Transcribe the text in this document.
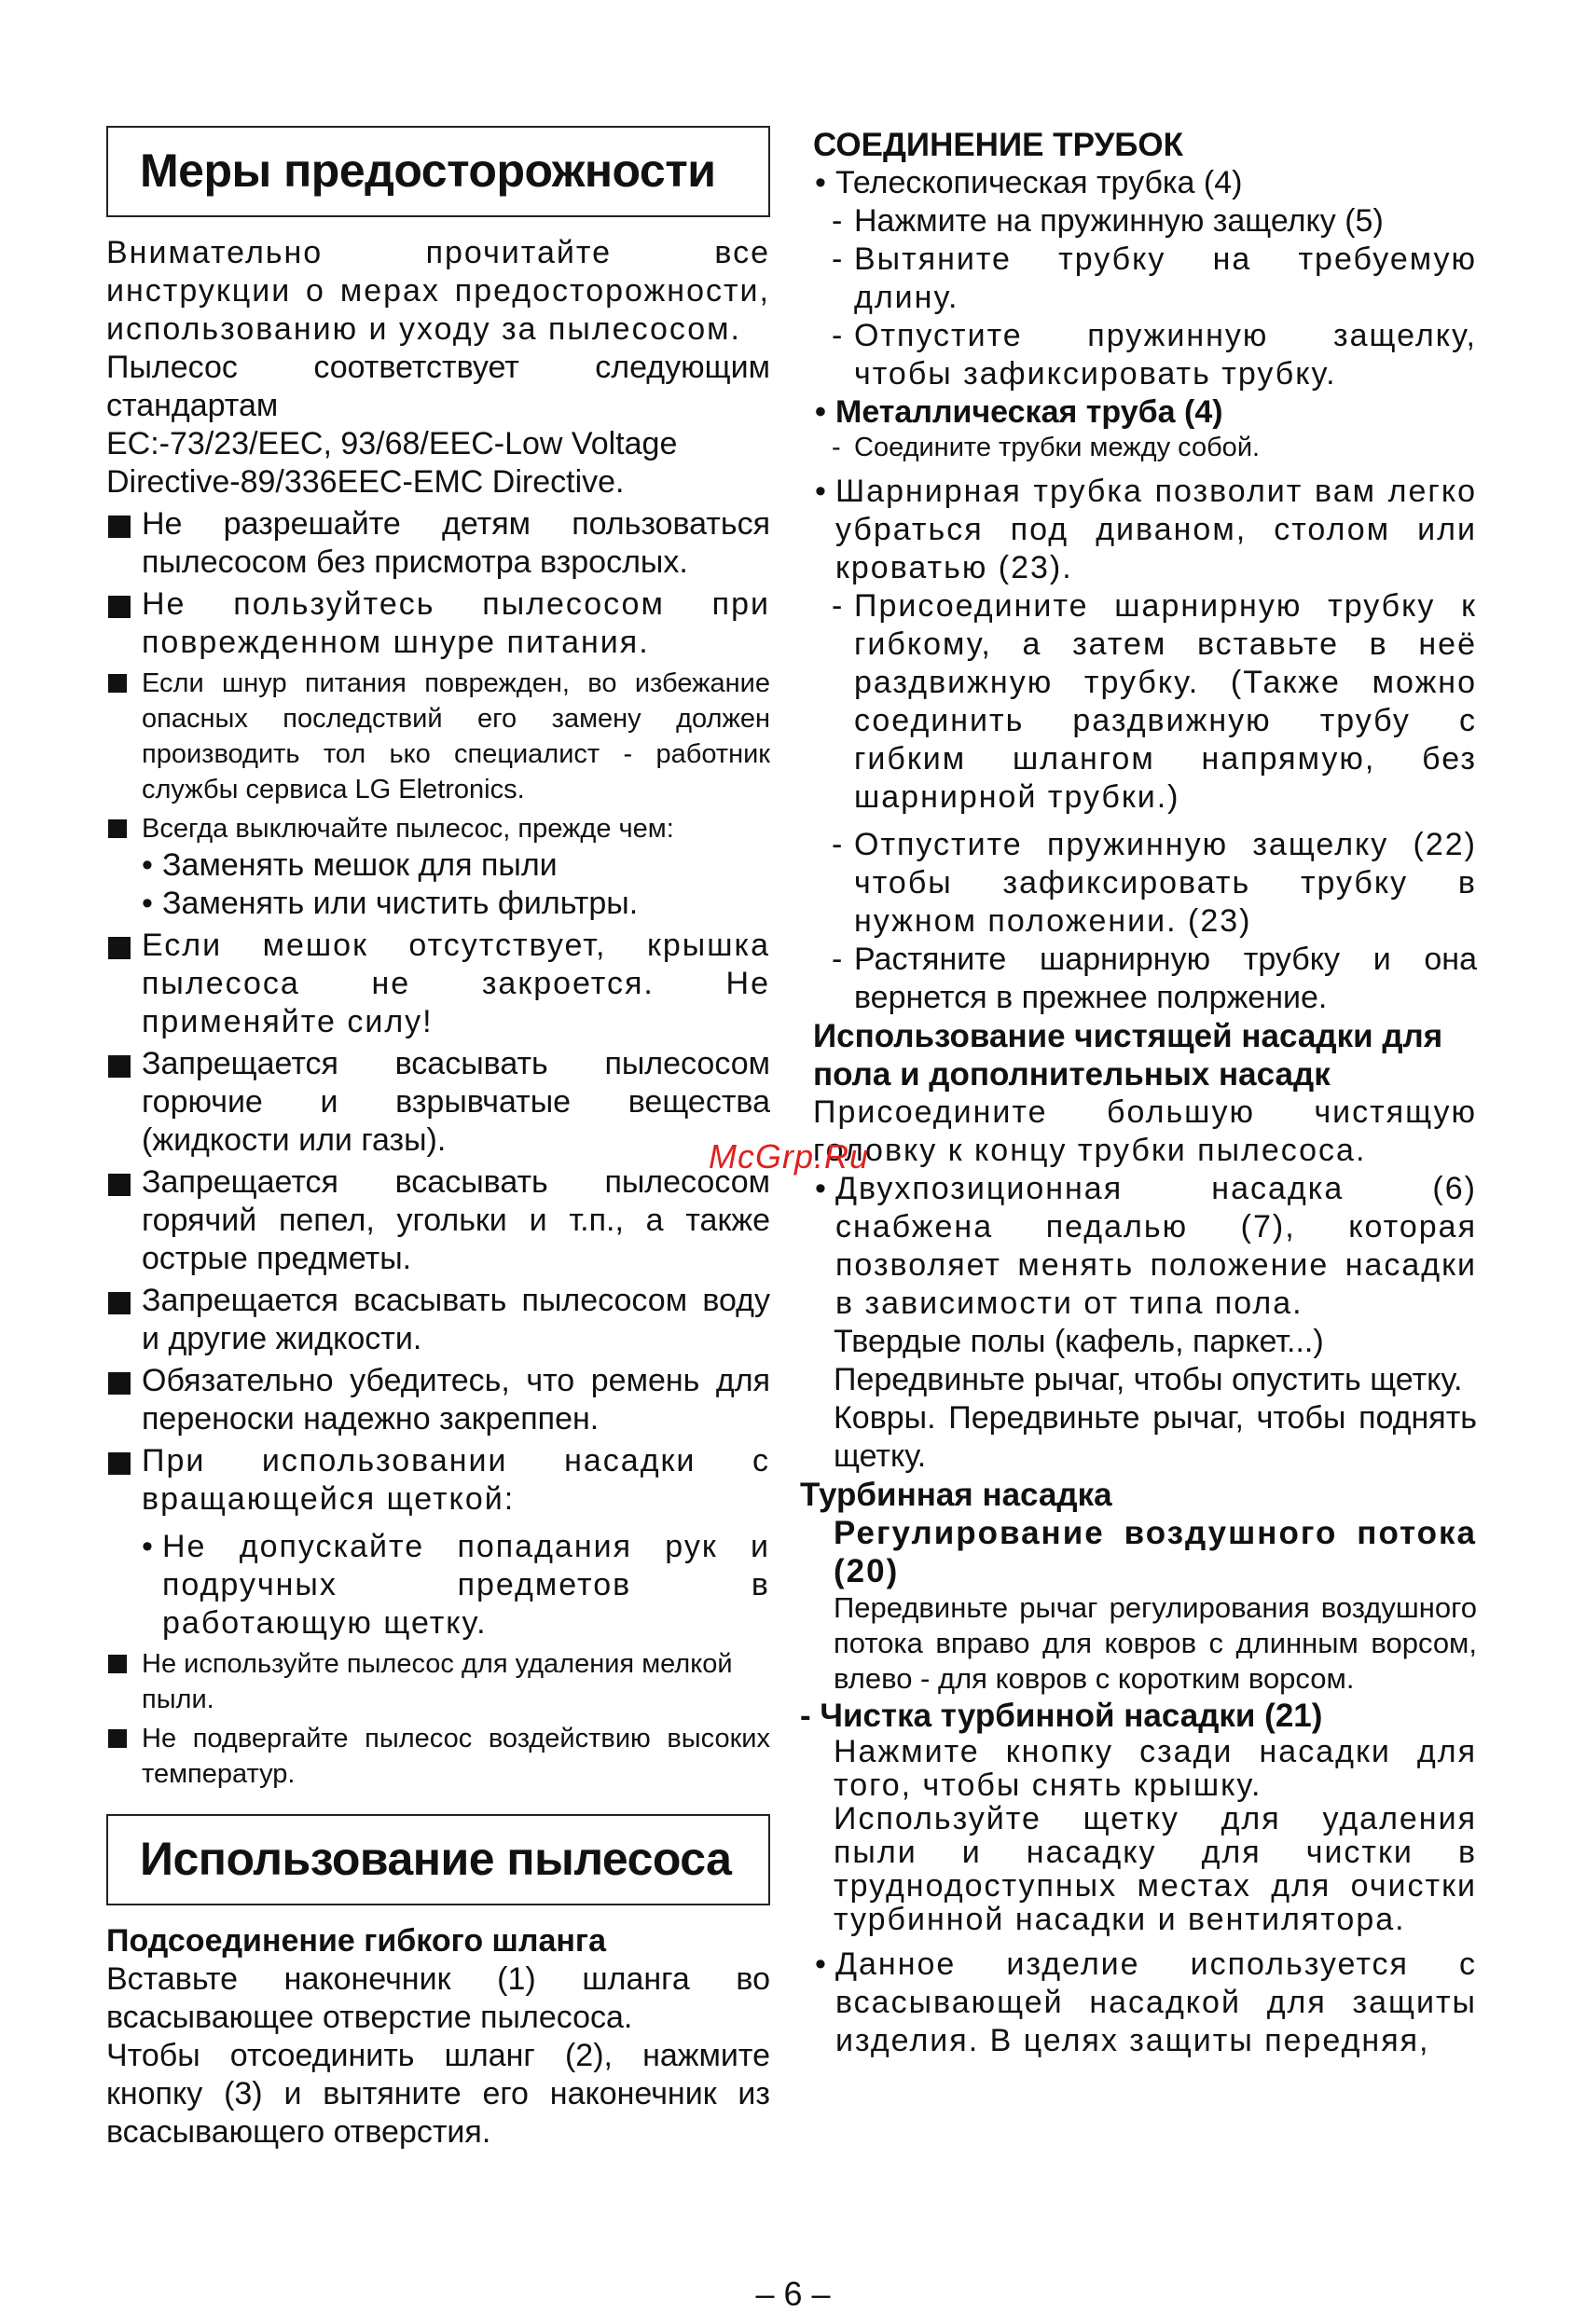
Меры предосторожности

Внимательно прочитайте все инструкции о мерах предосторожности, использованию и уходу за пылесосом.

Пылесос соответствует следующим стандартам

EC:-73/23/EEC, 93/68/EEC-Low Voltage Directive-89/336EEC-EMC Directive.

Не разрешайте детям пользоваться пылесосом без присмотра взрослых.
Не пользуйтесь пылесосом при поврежденном шнуре питания.
Если шнур питания поврежден, во избежание опасных последствий его замену должен производить тол ько специалист - работник службы сервиса LG Eletronics.
Всегда выключайте пылесос, прежде чем:
• Заменять мешок для пыли
• Заменять или чистить фильтры.
Если мешок отсутствует, крышка пылесоса не закроется. Не применяйте силу!
Запрещается всасывать пылесосом горючие и взрывчатые вещества (жидкости или газы).
Запрещается всасывать пылесосом горячий пепел, угольки и т.п., а также острые предметы.
Запрещается всасывать пылесосом воду и другие жидкости.
Обязательно убедитесь, что ремень для переноски надежно закреппен.
При использовании насадки с вращающейся щеткой:
• Не допускайте попадания рук и подручных предметов в работающую щетку.
Не используйте пылесос для удаления мелкой пыли.
Не подвергайте пылесос воздействию высоких температур.
Использование пылесоса

Подсоединение гибкого шланга

Вставьте наконечник (1) шланга во всасывающее отверстие пылесоса.

Чтобы отсоединить шланг (2), нажмите кнопку (3) и вытяните его наконечник из всасывающего отверстия.

СОЕДИНЕНИЕ ТРУБОК

• Телескопическая трубка (4)
- Нажмите на пружинную защелку (5)
- Вытяните трубку на требуемую длину.
- Отпустите пружинную защелку, чтобы зафиксировать трубку.
• Металлическая труба (4)
- Соедините трубки между собой.
• Шарнирная трубка позволит вам легко убраться под диваном, столом или кроватью (23).
- Присоедините шарнирную трубку к гибкому, а затем вставьте в неё раздвижную трубку. (Также можно соединить раздвижную трубу с гибким шлангом напрямую, без шарнирной трубки.)
- Отпустите пружинную защелку (22) чтобы зафиксировать трубку в нужном положении. (23)
- Растяните шарнирную трубку и она вернется в прежнее полржение.

Использование чистящей насадки для пола и дополнительных насадк

Присоедините большую чистящую головку к концу трубки пылесоса.

• Двухпозиционная насадка (6) снабжена педалью (7), которая позволяет менять положение насадки в зависимости от типа пола.

Твердые полы (кафель, паркет...)

Передвиньте рычаг, чтобы опустить щетку.

Ковры. Передвиньте рычаг, чтобы поднять щетку.

Турбинная насадка

Регулирование воздушного потока (20)

Передвиньте рычаг регулирования воздушного потока вправо для ковров с длинным ворсом, влево - для ковров с коротким ворсом.

- Чистка турбинной насадки (21)

Нажмите кнопку сзади насадки для того, чтобы снять крышку.

Используйте щетку для удаления пыли и насадку для чистки в труднодоступных местах для очистки турбинной насадки и вентилятора.

• Данное изделие используется с всасывающей насадкой для защиты изделия. В целях защиты передняя,
McGrp.Ru
– 6 –
